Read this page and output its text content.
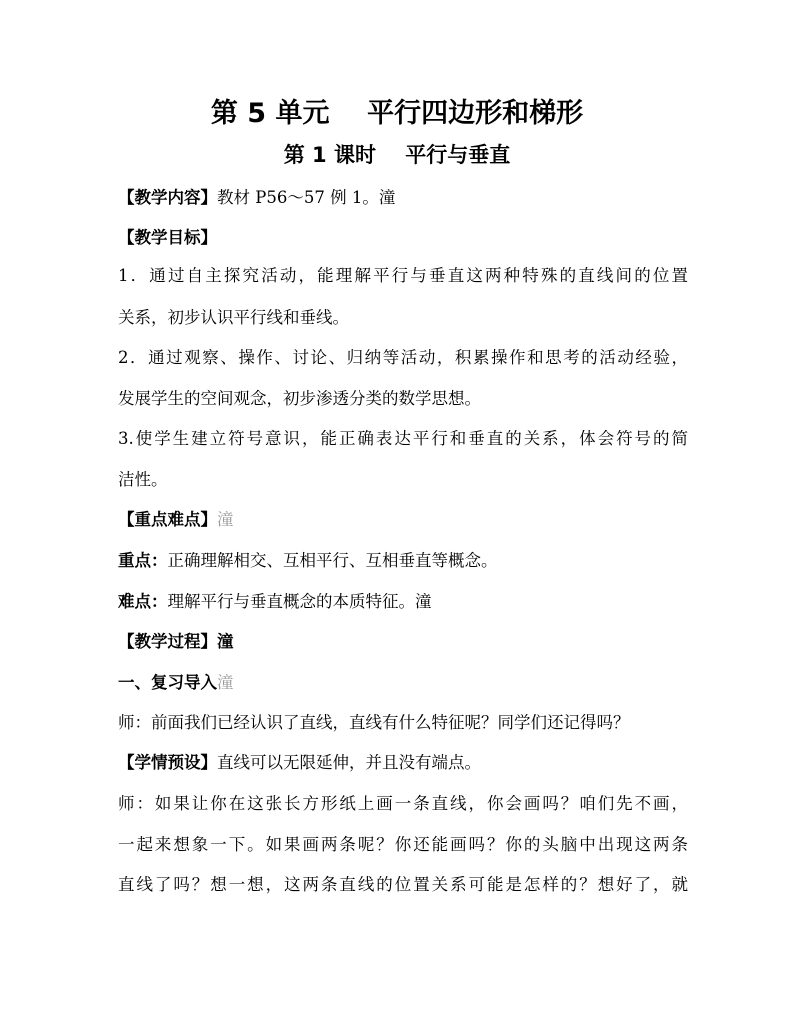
第 5 单元    平行四边形和梯形
第 1 课时    平行与垂直

【教学内容】教材 P56～57 例 1。潼

【教学目标】

1．通过自主探究活动，能理解平行与垂直这两种特殊的直线间的位置

关系，初步认识平行线和垂线。

2．通过观察、操作、讨论、归纳等活动，积累操作和思考的活动经验，

发展学生的空间观念，初步渗透分类的数学思想。

3.使学生建立符号意识，能正确表达平行和垂直的关系，体会符号的简

洁性。

【重点难点】潼

重点：正确理解相交、互相平行、互相垂直等概念。

难点：理解平行与垂直概念的本质特征。潼

【教学过程】潼

一、复习导入潼

师：前面我们已经认识了直线，直线有什么特征呢？同学们还记得吗？

【学情预设】直线可以无限延伸，并且没有端点。

师：如果让你在这张长方形纸上画一条直线，你会画吗？咱们先不画，

一起来想象一下。如果画两条呢？你还能画吗？你的头脑中出现这两条

直线了吗？想一想，这两条直线的位置关系可能是怎样的？想好了，就
